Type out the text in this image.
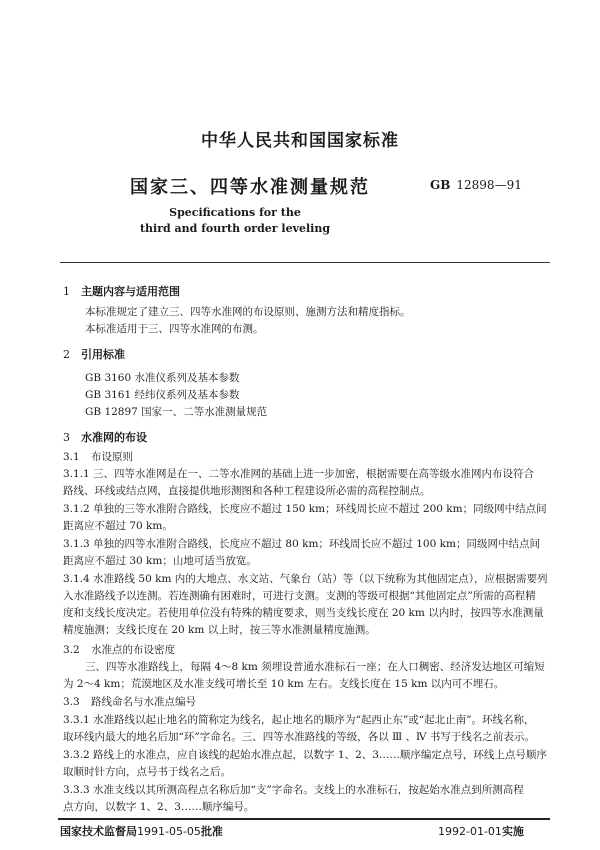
中华人民共和国国家标准
国家三、四等水准测量规范	GB 12898—91
Specifications for the
third and fourth order leveling
1 主题内容与适用范围
本标准规定了建立三、四等水准网的布设原则、施测方法和精度指标。
本标准适用于三、四等水准网的布测。
2 引用标准
GB 3160 水准仪系列及基本参数
GB 3161 经纬仪系列及基本参数
GB 12897 国家一、二等水准测量规范
3 水准网的布设
3.1 布设原则
3.1.1 三、四等水准网是在一、二等水准网的基础上进一步加密，根据需要在高等级水准网内布设符合
路线、环线或结点网，直接提供地形测图和各种工程建设所必需的高程控制点。
3.1.2 单独的三等水准附合路线，长度应不超过 150 km；环线周长应不超过 200 km；同级网中结点间
距离应不超过 70 km。
3.1.3 单独的四等水准附合路线，长度应不超过 80 km；环线周长应不超过 100 km；同级网中结点间
距离应不超过 30 km；山地可适当放宽。
3.1.4 水准路线 50 km 内的大地点、水文站、气象台（站）等（以下统称为其他固定点），应根据需要列
入水准路线予以连测。若连测确有困难时，可进行支测。支测的等级可根据“其他固定点”所需的高程精
度和支线长度决定。若使用单位没有特殊的精度要求，则当支线长度在 20 km 以内时，按四等水准测量
精度施测；支线长度在 20 km 以上时，按三等水准测量精度施测。
3.2 水准点的布设密度
三、四等水准路线上，每隔 4～8 km 须埋设普通水准标石一座；在人口稠密、经济发达地区可缩短
为 2～4 km；荒漠地区及水准支线可增长至 10 km 左右。支线长度在 15 km 以内可不埋石。
3.3 路线命名与水准点编号
3.3.1 水准路线以起止地名的简称定为线名，起止地名的顺序为“起西止东”或“起北止南”。环线名称，
取环线内最大的地名后加“环”字命名。三、四等水准路线的等级，各以 Ⅲ 、Ⅳ 书写于线名之前表示。
3.3.2 路线上的水准点，应自该线的起始水准点起，以数字 1、2、3……顺序编定点号，环线上点号顺序
取顺时针方向，点号书于线名之后。
3.3.3 水准支线以其所测高程点名称后加“支”字命名。支线上的水准标石，按起始水准点到所测高程
点方向，以数字 1、2、3……顺序编号。
国家技术监督局1991-05-05批准	1992-01-01实施
